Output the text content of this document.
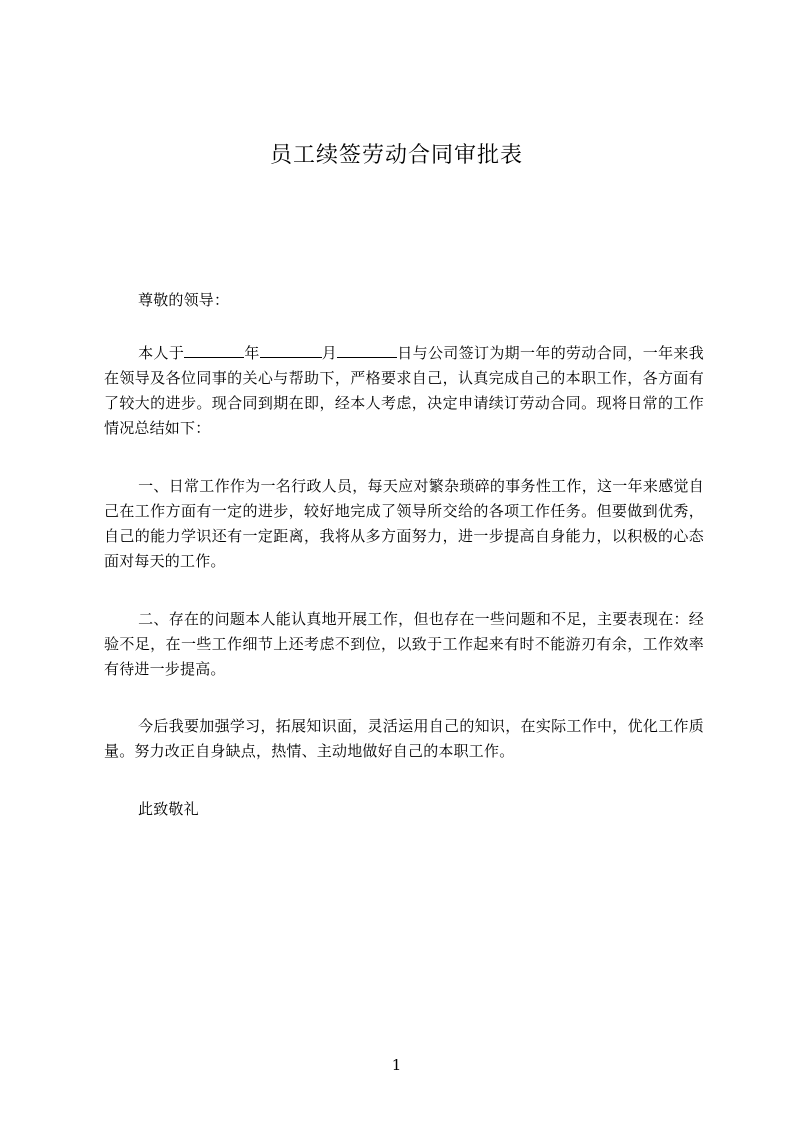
员工续签劳动合同审批表

尊敬的领导：

本人于	年	月	日与公司签订为期一年的劳动合同，一年来我在领导及各位同事的关心与帮助下，严格要求自己，认真完成自己的本职工作，各方面有了较大的进步。现合同到期在即，经本人考虑，决定申请续订劳动合同。现将日常的工作情况总结如下：

一、日常工作作为一名行政人员，每天应对繁杂琐碎的事务性工作，这一年来感觉自己在工作方面有一定的进步，较好地完成了领导所交给的各项工作任务。但要做到优秀，自己的能力学识还有一定距离，我将从多方面努力，进一步提高自身能力，以积极的心态面对每天的工作。

二、存在的问题本人能认真地开展工作，但也存在一些问题和不足，主要表现在：经验不足，在一些工作细节上还考虑不到位，以致于工作起来有时不能游刃有余，工作效率有待进一步提高。

今后我要加强学习，拓展知识面，灵活运用自己的知识，在实际工作中，优化工作质量。努力改正自身缺点，热情、主动地做好自己的本职工作。

此致敬礼

1
